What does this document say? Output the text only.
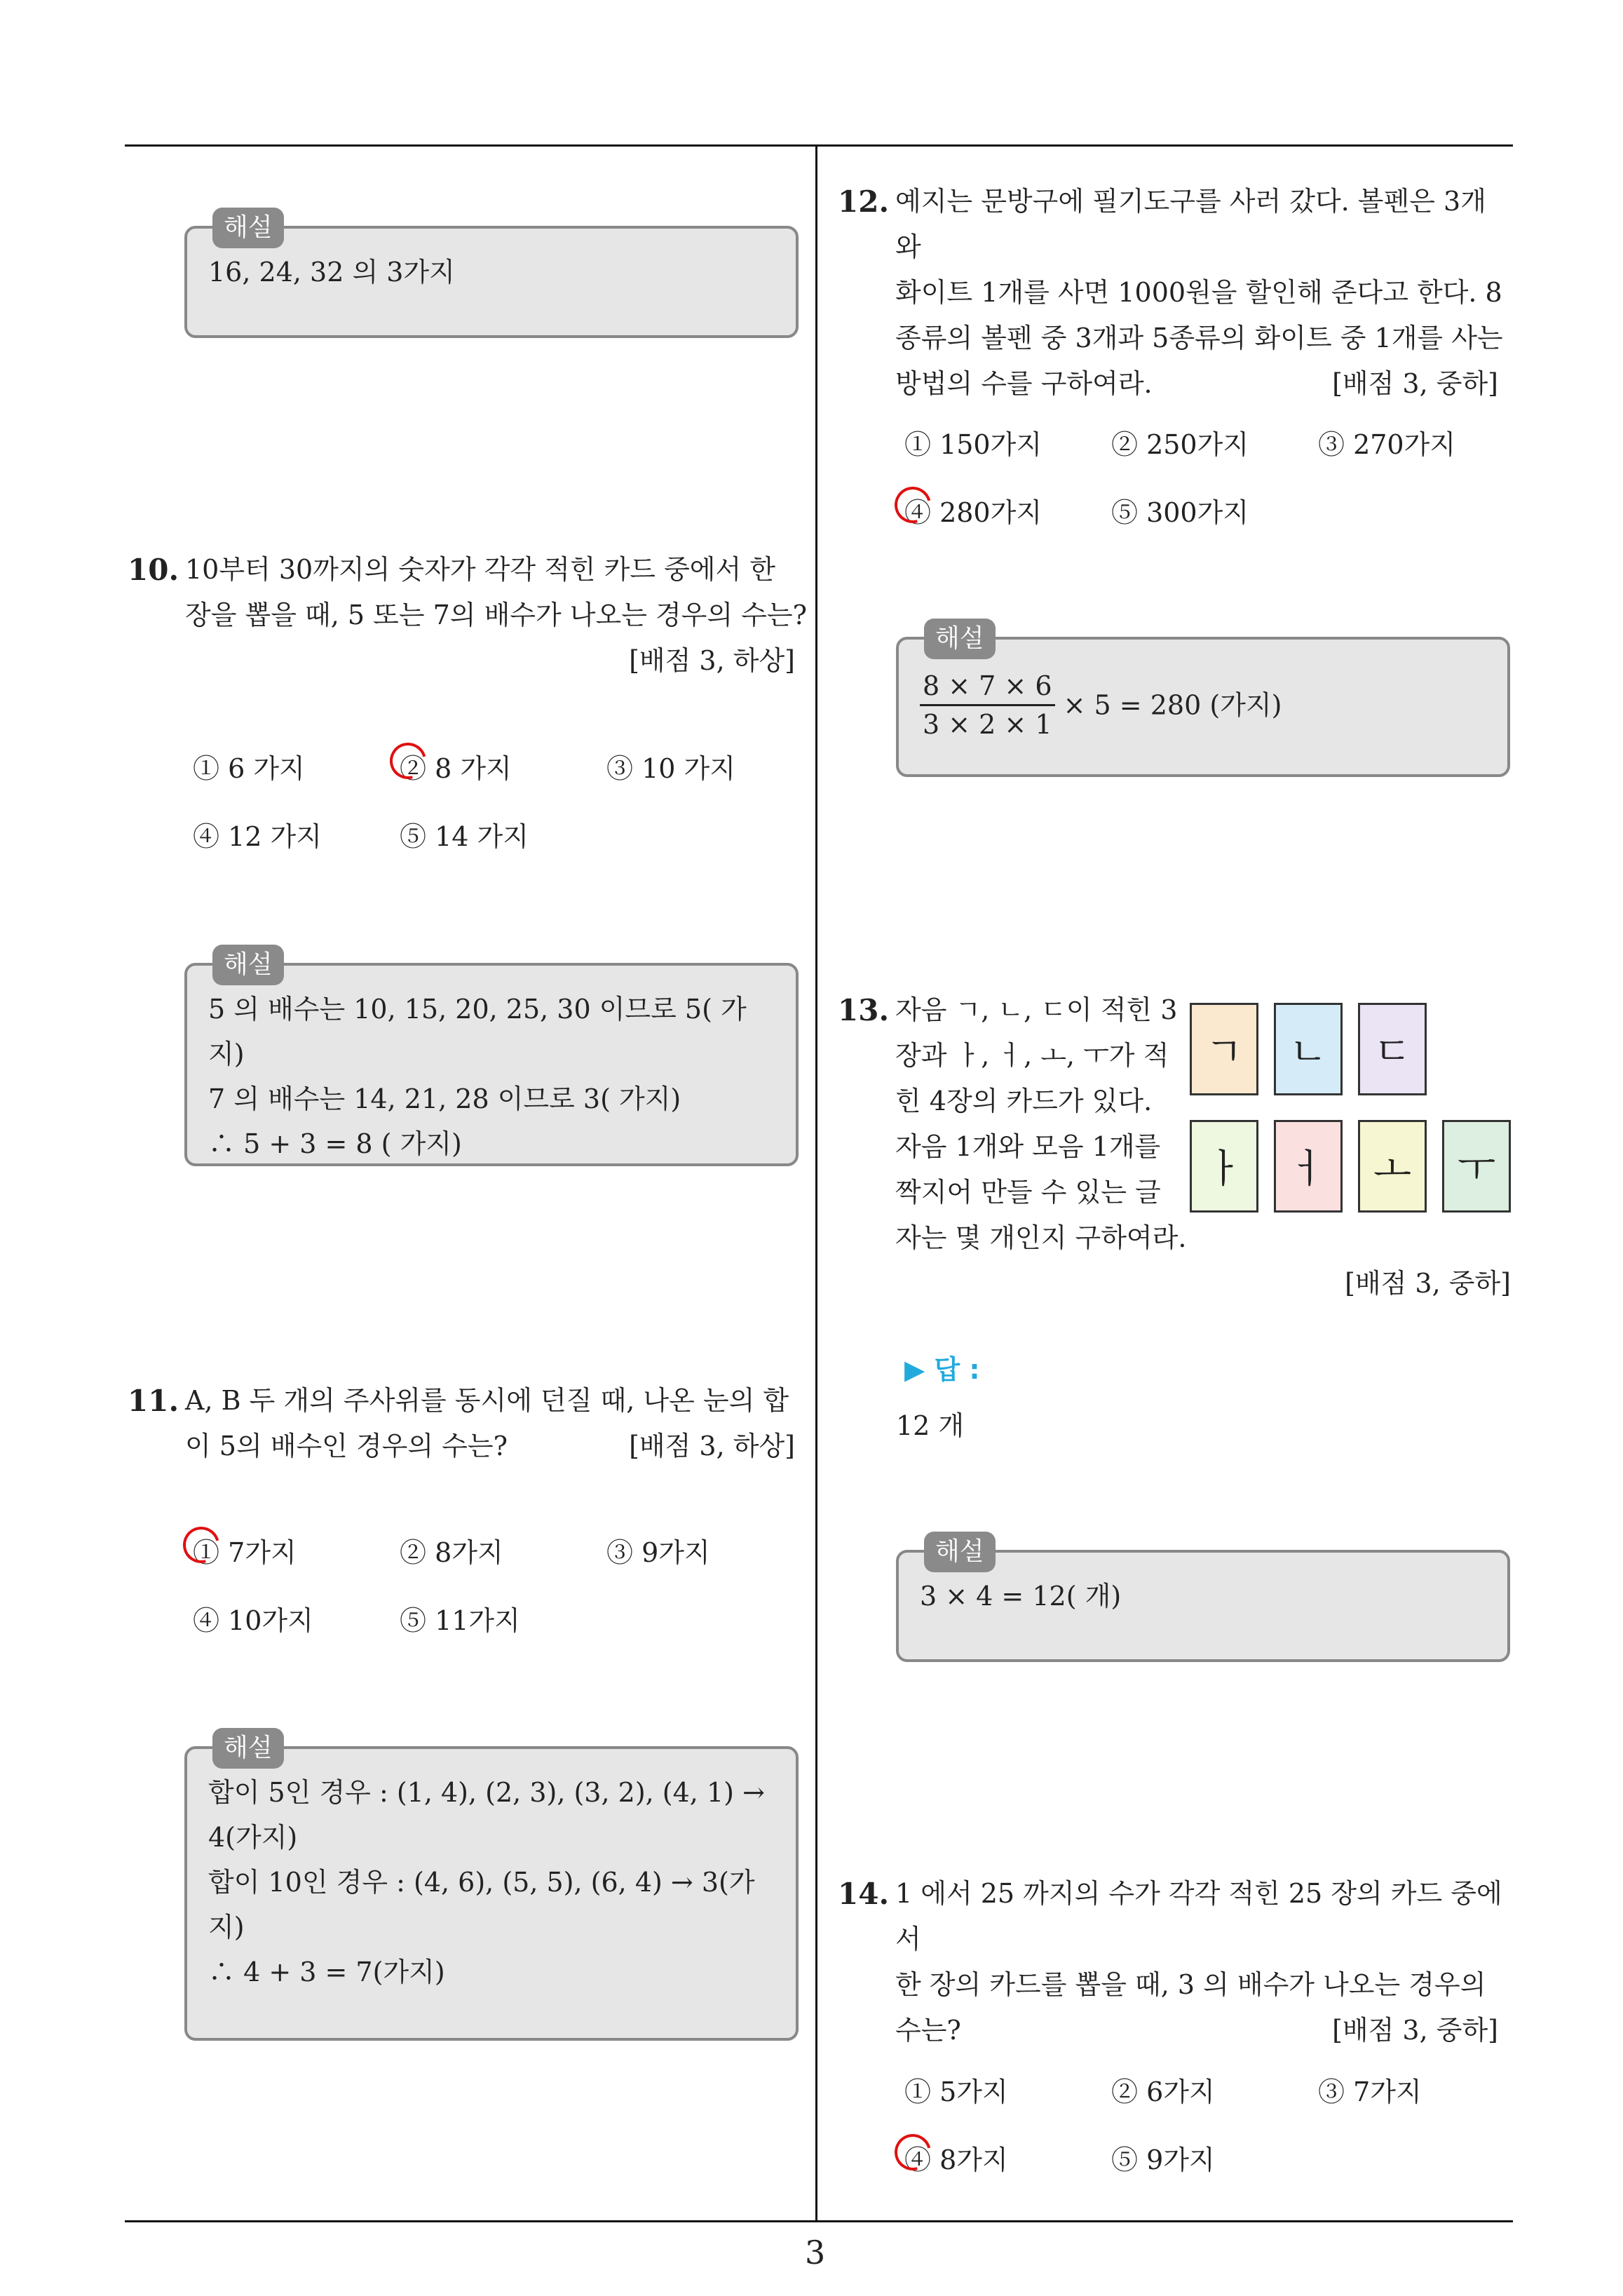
해설
16, 24, 32 의 3가지
10. 10부터 30까지의 숫자가 각각 적힌 카드 중에서 한
장을 뽑을 때, 5 또는 7의 배수가 나오는 경우의 수는?
[배점 3, 하상]
① 6 가지	② 8 가지	③ 10 가지
④ 12 가지	⑤ 14 가지
해설
5 의 배수는 10, 15, 20, 25, 30 이므로 5( 가지)
7 의 배수는 14, 21, 28 이므로 3( 가지)
∴ 5 + 3 = 8 ( 가지)
11. A, B 두 개의 주사위를 동시에 던질 때, 나온 눈의 합
이 5의 배수인 경우의 수는?	[배점 3, 하상]
① 7가지	② 8가지	③ 9가지
④ 10가지	⑤ 11가지
해설
합이 5인 경우 : (1, 4), (2, 3), (3, 2), (4, 1) →
4(가지)
합이 10인 경우 : (4, 6), (5, 5), (6, 4) → 3(가
지)
∴ 4 + 3 = 7(가지)
12. 예지는 문방구에 필기도구를 사러 갔다. 볼펜은 3개와
화이트 1개를 사면 1000원을 할인해 준다고 한다. 8
종류의 볼펜 중 3개과 5종류의 화이트 중 1개를 사는
방법의 수를 구하여라.	[배점 3, 중하]
① 150가지	② 250가지	③ 270가지
④ 280가지	⑤ 300가지
해설
$\frac{8 \times 7 \times 6}{3 \times 2 \times 1} \times 5 = 280$ (가지)
13. 자음 ㄱ, ㄴ, ㄷ이 적힌 3
장과 ㅏ, ㅓ, ㅗ, ㅜ가 적
힌 4장의 카드가 있다.
자음 1개와 모음 1개를
짝지어 만들 수 있는 글
자는 몇 개인지 구하여라.
[배점 3, 중하]
ㄱ	ㄴ	ㄷ
ㅏ	ㅓ	ㅗ	ㅜ
▶ 답 :
12 개
해설
3 × 4 = 12( 개)
14. 1 에서 25 까지의 수가 각각 적힌 25 장의 카드 중에서
한 장의 카드를 뽑을 때, 3 의 배수가 나오는 경우의
수는?	[배점 3, 중하]
① 5가지	② 6가지	③ 7가지
④ 8가지	⑤ 9가지
3
